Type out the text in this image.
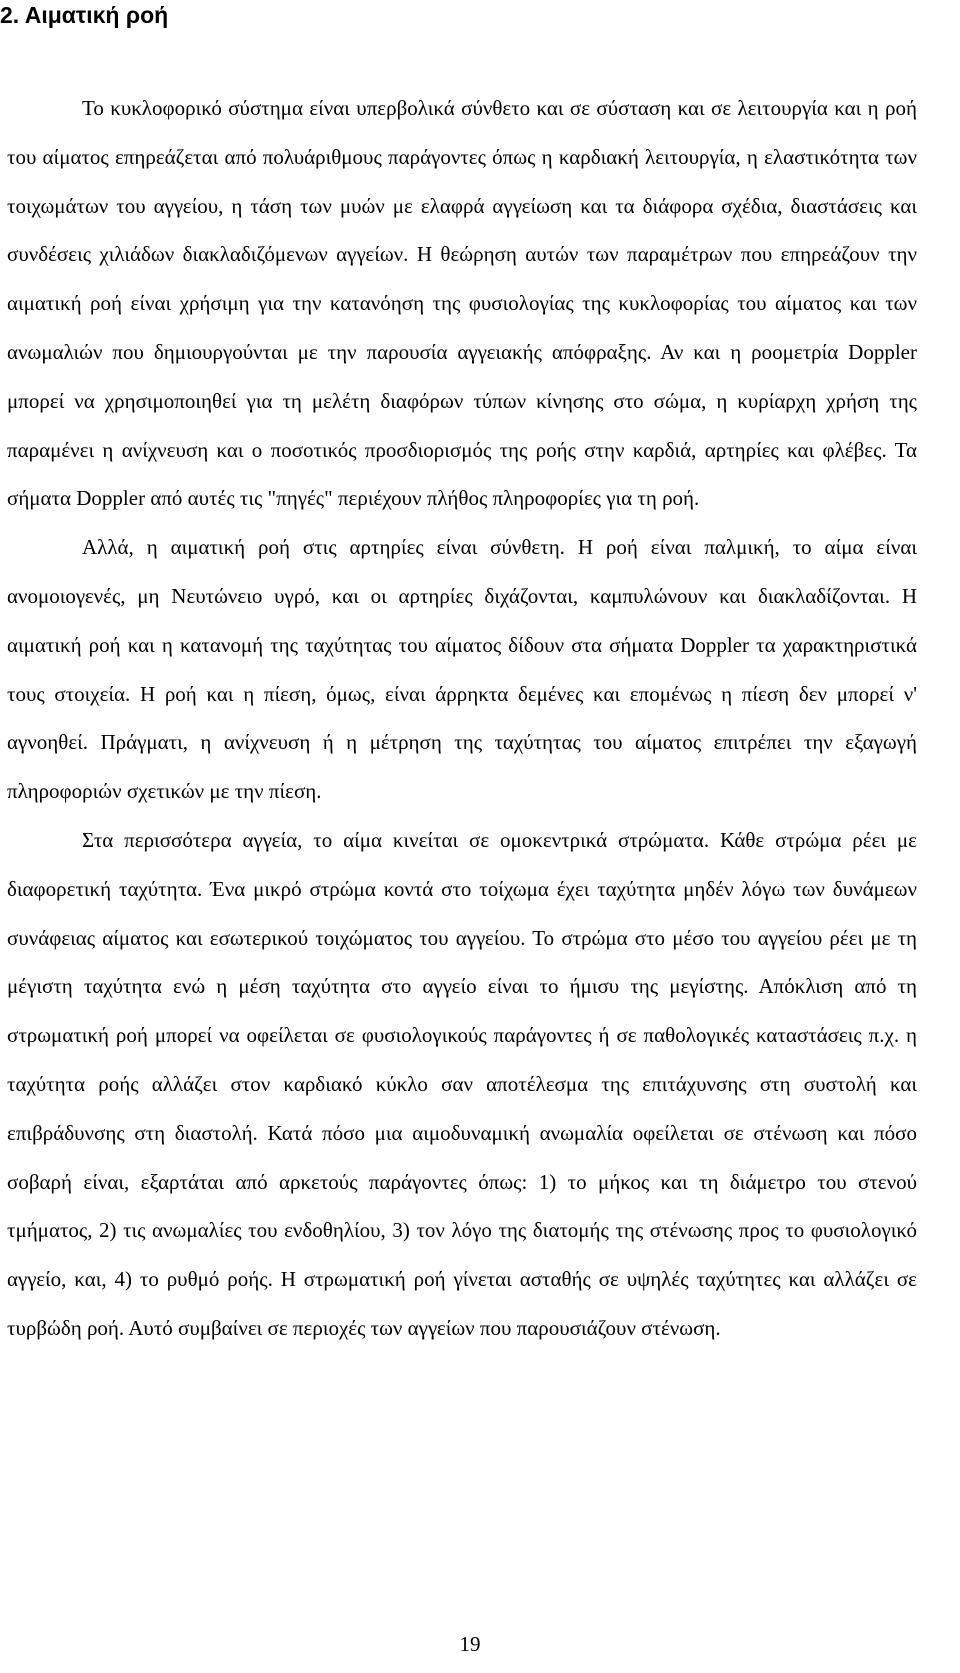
2. Αιματική ροή

Το κυκλοφορικό σύστημα είναι υπερβολικά σύνθετο και σε σύσταση και σε λειτουργία και η ροή του αίματος επηρεάζεται από πολυάριθμους παράγοντες όπως η καρδιακή λειτουργία, η ελαστικότητα των τοιχωμάτων του αγγείου, η τάση των μυών με ελαφρά αγγείωση και τα διάφορα σχέδια, διαστάσεις και συνδέσεις χιλιάδων διακλαδιζόμενων αγγείων. Η θεώρηση αυτών των παραμέτρων που επηρεάζουν την αιματική ροή είναι χρήσιμη για την κατανόηση της φυσιολογίας της κυκλοφορίας του αίματος και των ανωμαλιών που δημιουργούνται με την παρουσία αγγειακής απόφραξης. Αν και η ροομετρία Doppler μπορεί να χρησιμοποιηθεί για τη μελέτη διαφόρων τύπων κίνησης στο σώμα, η κυρίαρχη χρήση της παραμένει η ανίχνευση και ο ποσοτικός προσδιορισμός της ροής στην καρδιά, αρτηρίες και φλέβες. Τα σήματα Doppler από αυτές τις "πηγές" περιέχουν πλήθος πληροφορίες για τη ροή.

Αλλά, η αιματική ροή στις αρτηρίες είναι σύνθετη. Η ροή είναι παλμική, το αίμα είναι ανομοιογενές, μη Νευτώνειο υγρό, και οι αρτηρίες διχάζονται, καμπυλώνουν και διακλαδίζονται. Η αιματική ροή και η κατανομή της ταχύτητας του αίματος δίδουν στα σήματα Doppler τα χαρακτηριστικά τους στοιχεία. Η ροή και η πίεση, όμως, είναι άρρηκτα δεμένες και επομένως η πίεση δεν μπορεί ν' αγνοηθεί. Πράγματι, η ανίχνευση ή η μέτρηση της ταχύτητας του αίματος επιτρέπει την εξαγωγή πληροφοριών σχετικών με την πίεση.

Στα περισσότερα αγγεία, το αίμα κινείται σε ομοκεντρικά στρώματα. Κάθε στρώμα ρέει με διαφορετική ταχύτητα. Ένα μικρό στρώμα κοντά στο τοίχωμα έχει ταχύτητα μηδέν λόγω των δυνάμεων συνάφειας αίματος και εσωτερικού τοιχώματος του αγγείου. Το στρώμα στο μέσο του αγγείου ρέει με τη μέγιστη ταχύτητα ενώ η μέση ταχύτητα στο αγγείο είναι το ήμισυ της μεγίστης. Απόκλιση από τη στρωματική ροή μπορεί να οφείλεται σε φυσιολογικούς παράγοντες ή σε παθολογικές καταστάσεις π.χ. η ταχύτητα ροής αλλάζει στον καρδιακό κύκλο σαν αποτέλεσμα της επιτάχυνσης στη συστολή και επιβράδυνσης στη διαστολή. Κατά πόσο μια αιμοδυναμική ανωμαλία οφείλεται σε στένωση και πόσο σοβαρή είναι, εξαρτάται από αρκετούς παράγοντες όπως: 1) το μήκος και τη διάμετρο του στενού τμήματος, 2) τις ανωμαλίες του ενδοθηλίου, 3) τον λόγο της διατομής της στένωσης προς το φυσιολογικό αγγείο, και, 4) το ρυθμό ροής. Η στρωματική ροή γίνεται ασταθής σε υψηλές ταχύτητες και αλλάζει σε τυρβώδη ροή. Αυτό συμβαίνει σε περιοχές των αγγείων που παρουσιάζουν στένωση.

19
